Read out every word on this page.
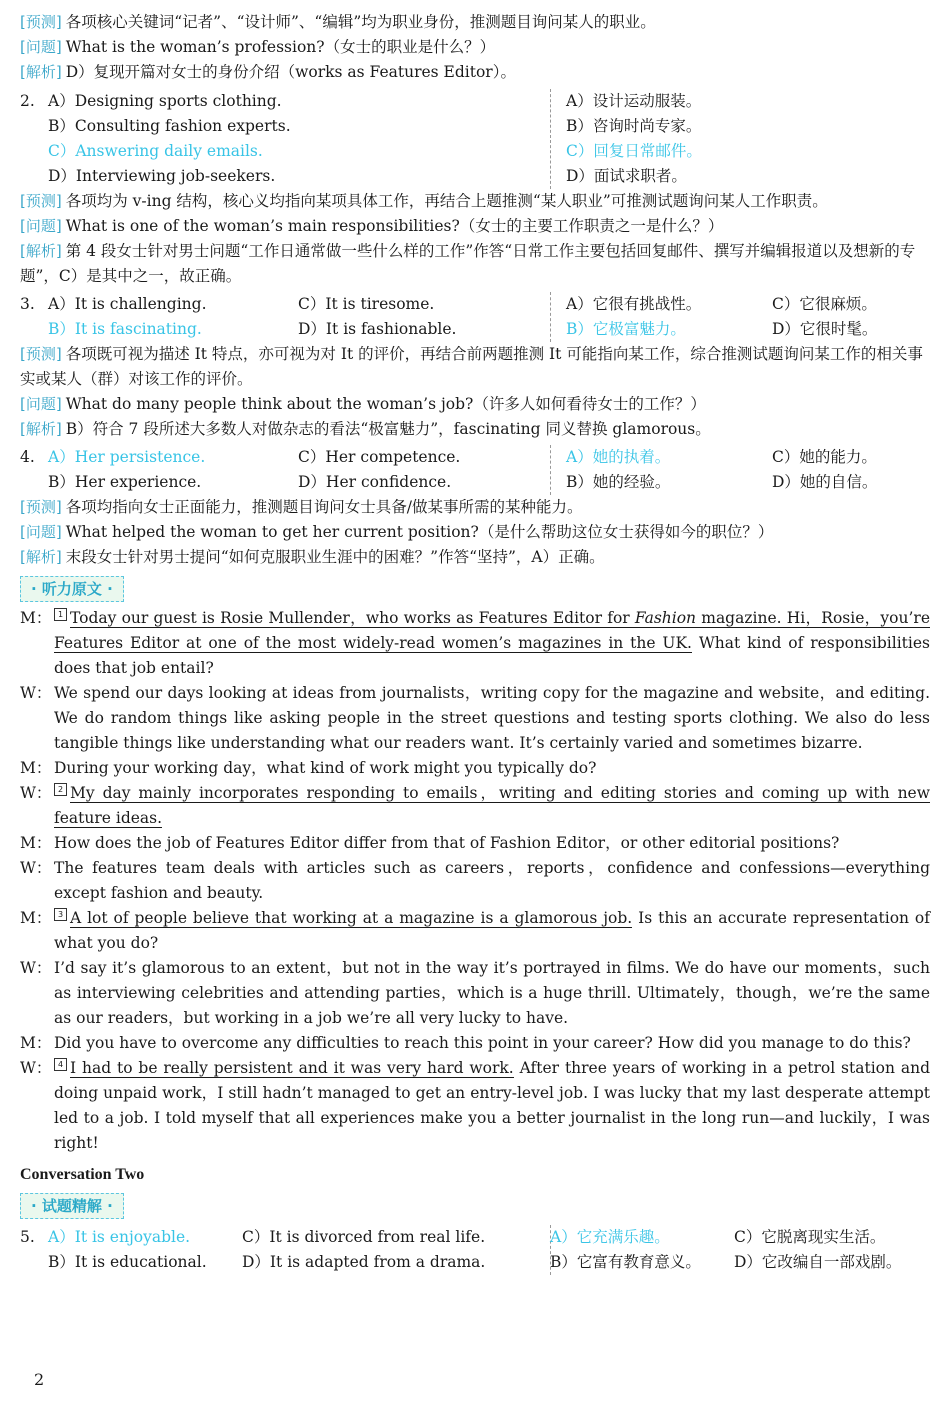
[预测] 各项核心关键词“记者”、“设计师”、“编辑”均为职业身份，推测题目询问某人的职业。
[问题] What is the woman’s profession?（女士的职业是什么？）
[解析] D）复现开篇对女士的身份介绍（works as Features Editor）。
2. A）Designing sports clothing.	A）设计运动服装。
B）Consulting fashion experts.	B）咨询时尚专家。
C）Answering daily emails.	C）回复日常邮件。
D）Interviewing job-seekers.	D）面试求职者。
[预测] 各项均为 v-ing 结构，核心义均指向某项具体工作，再结合上题推测“某人职业”可推测试题询问某人工作职责。
[问题] What is one of the woman’s main responsibilities?（女士的主要工作职责之一是什么？）
[解析] 第 4 段女士针对男士问题“工作日通常做一些什么样的工作”作答“日常工作主要包括回复邮件、撰写并编辑报道以及想新的专题”，C）是其中之一，故正确。
3. A）It is challenging.	C）It is tiresome.	A）它很有挑战性。	C）它很麻烦。
B）It is fascinating.	D）It is fashionable.	B）它极富魅力。	D）它很时髦。
[预测] 各项既可视为描述 It 特点，亦可视为对 It 的评价，再结合前两题推测 It 可能指向某工作，综合推测试题询问某工作的相关事实或某人（群）对该工作的评价。
[问题] What do many people think about the woman’s job?（许多人如何看待女士的工作？）
[解析] B）符合 7 段所述大多数人对做杂志的看法“极富魅力”，fascinating 同义替换 glamorous。
4. A）Her persistence.	C）Her competence.	A）她的执着。	C）她的能力。
B）Her experience.	D）Her confidence.	B）她的经验。	D）她的自信。
[预测] 各项均指向女士正面能力，推测题目询问女士具备/做某事所需的某种能力。
[问题] What helped the woman to get her current position?（是什么帮助这位女士获得如今的职位？）
[解析] 末段女士针对男士提问“如何克服职业生涯中的困难？”作答“坚持”，A）正确。
· 听力原文 ·
M： 1 Today our guest is Rosie Mullender，who works as Features Editor for Fashion magazine. Hi，Rosie，you’re Features Editor at one of the most widely-read women’s magazines in the UK. What kind of responsibilities does that job entail?
W： We spend our days looking at ideas from journalists，writing copy for the magazine and website，and editing. We do random things like asking people in the street questions and testing sports clothing. We also do less tangible things like understanding what our readers want. It’s certainly varied and sometimes bizarre.
M： During your working day，what kind of work might you typically do?
W： 2 My day mainly incorporates responding to emails，writing and editing stories and coming up with new feature ideas.
M： How does the job of Features Editor differ from that of Fashion Editor，or other editorial positions?
W： The features team deals with articles such as careers，reports，confidence and confessions—everything except fashion and beauty.
M： 3 A lot of people believe that working at a magazine is a glamorous job. Is this an accurate representation of what you do?
W： I’d say it’s glamorous to an extent，but not in the way it’s portrayed in films. We do have our moments，such as interviewing celebrities and attending parties，which is a huge thrill. Ultimately，though，we’re the same as our readers，but working in a job we’re all very lucky to have.
M： Did you have to overcome any difficulties to reach this point in your career? How did you manage to do this?
W： 4 I had to be really persistent and it was very hard work. After three years of working in a petrol station and doing unpaid work，I still hadn’t managed to get an entry-level job. I was lucky that my last desperate attempt led to a job. I told myself that all experiences make you a better journalist in the long run—and luckily，I was right!
Conversation Two
· 试题精解 ·
5. A）It is enjoyable.	C）It is divorced from real life.	A）它充满乐趣。	C）它脱离现实生活。
B）It is educational. D）It is adapted from a drama.	B）它富有教育意义。 D）它改编自一部戏剧。
2
